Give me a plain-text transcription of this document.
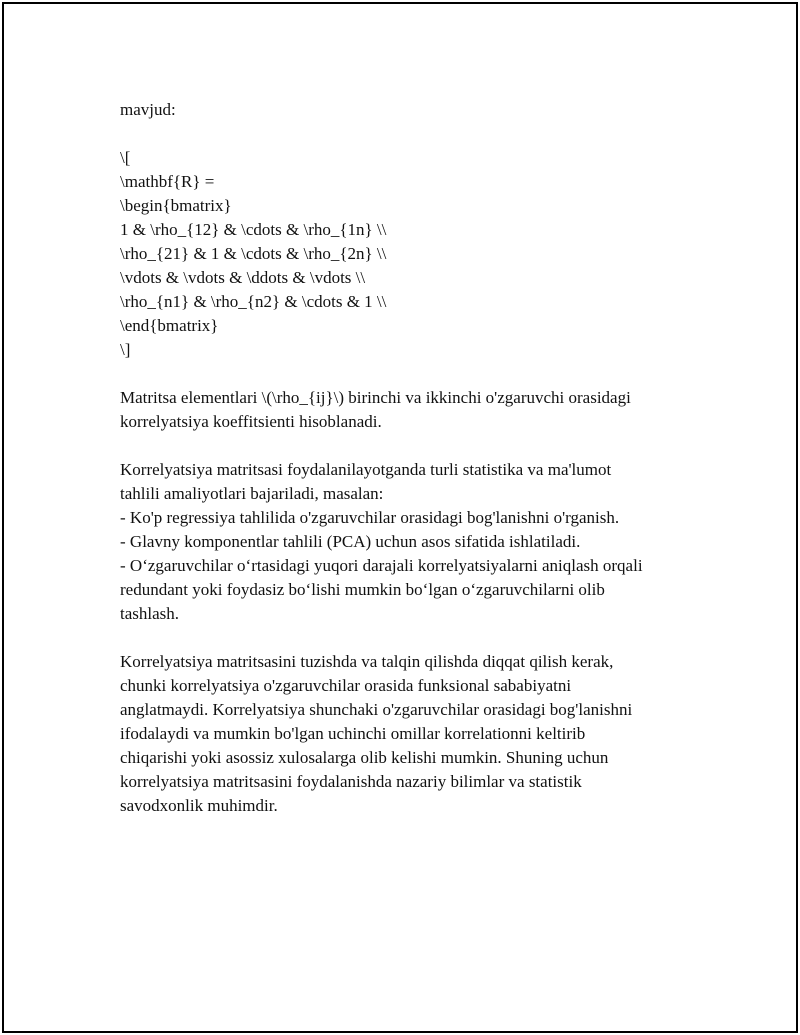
mavjud:
\[
\mathbf{R} =
\begin{bmatrix}
1 & \rho_{12} & \cdots & \rho_{1n} \\
\rho_{21} & 1 & \cdots & \rho_{2n} \\
\vdots & \vdots & \ddots & \vdots \\
\rho_{n1} & \rho_{n2} & \cdots & 1 \\
\end{bmatrix}
\]
Matritsa elementlari \(\rho_{ij}\) birinchi va ikkinchi o'zgaruvchi orasidagi
korrelyatsiya koeffitsienti hisoblanadi.
Korrelyatsiya matritsasi foydalanilayotganda turli statistika va ma'lumot
tahlili amaliyotlari bajariladi, masalan:
- Ko'p regressiya tahlilida o'zgaruvchilar orasidagi bog'lanishni o'rganish.
- Glavny komponentlar tahlili (PCA) uchun asos sifatida ishlatiladi.
- O‘zgaruvchilar o‘rtasidagi yuqori darajali korrelyatsiyalarni aniqlash orqali
redundant yoki foydasiz bo‘lishi mumkin bo‘lgan o‘zgaruvchilarni olib
tashlash.
Korrelyatsiya matritsasini tuzishda va talqin qilishda diqqat qilish kerak,
chunki korrelyatsiya o'zgaruvchilar orasida funksional sababiyatni
anglatmaydi. Korrelyatsiya shunchaki o'zgaruvchilar orasidagi bog'lanishni
ifodalaydi va mumkin bo'lgan uchinchi omillar korrelationni keltirib
chiqarishi yoki asossiz xulosalarga olib kelishi mumkin. Shuning uchun
korrelyatsiya matritsasini foydalanishda nazariy bilimlar va statistik
savodxonlik muhimdir.
